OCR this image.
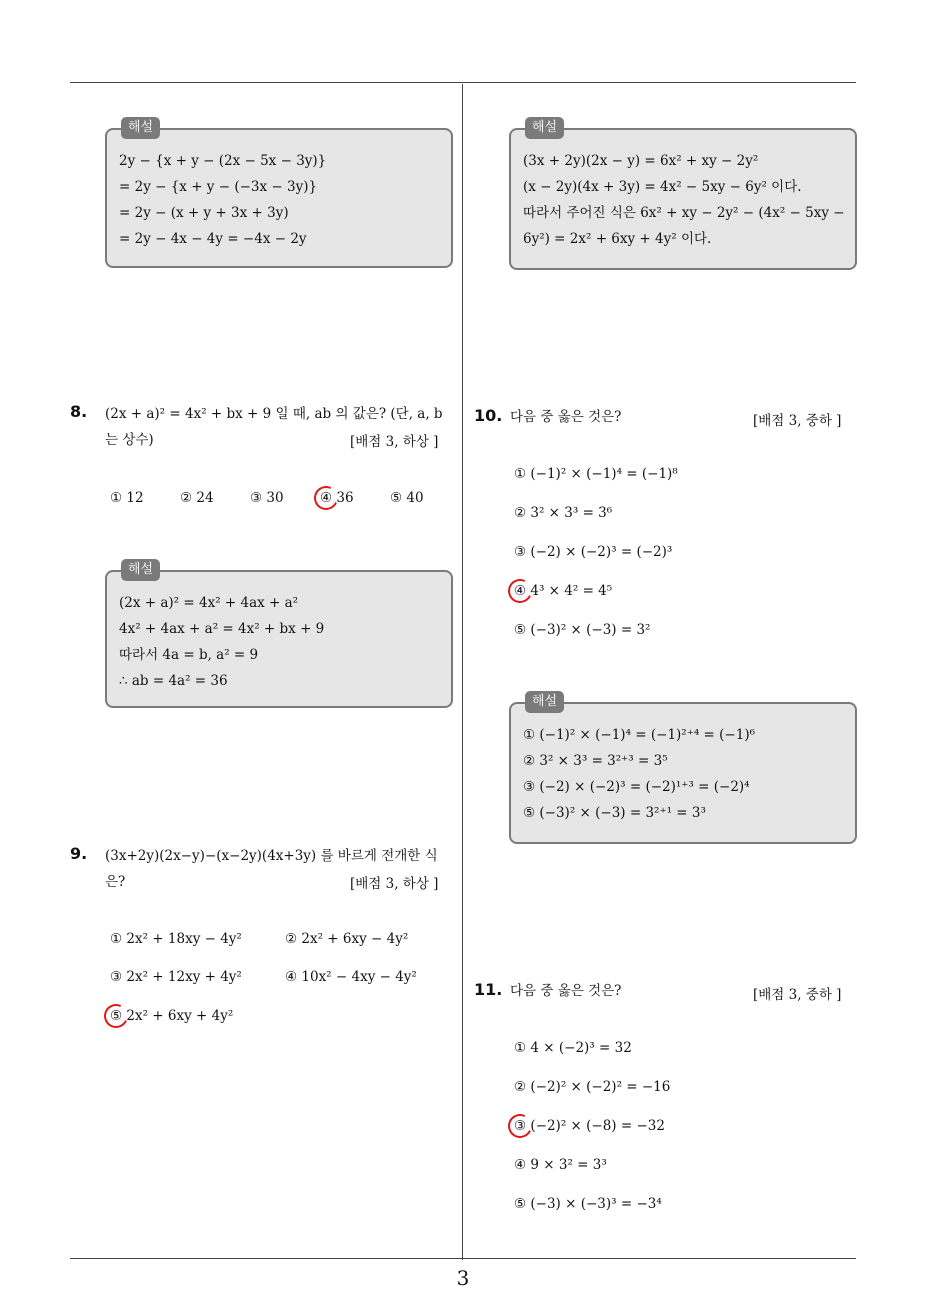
3
해설
2y − {x + y − (2x − 5x − 3y)}
= 2y − {x + y − (−3x − 3y)}
= 2y − (x + y + 3x + 3y)
= 2y − 4x − 4y = −4x − 2y
해설
(3x + 2y)(2x − y) = 6x² + xy − 2y²
(x − 2y)(4x + 3y) = 4x² − 5xy − 6y² 이다.
따라서 주어진 식은 6x² + xy − 2y² − (4x² − 5xy − 6y²) = 2x² + 6xy + 4y² 이다.
8. (2x + a)² = 4x² + bx + 9 일 때, ab 의 값은? (단, a, b 는 상수)	[배점 3, 하상 ]
① 12	② 24	③ 30	④ 36	⑤ 40
해설
(2x + a)² = 4x² + 4ax + a²
4x² + 4ax + a² = 4x² + bx + 9
따라서 4a = b, a² = 9
∴ ab = 4a² = 36
9. (3x+2y)(2x−y)−(x−2y)(4x+3y) 를 바르게 전개한 식은?	[배점 3, 하상 ]
① 2x² + 18xy − 4y²	② 2x² + 6xy − 4y²
③ 2x² + 12xy + 4y²	④ 10x² − 4xy − 4y²
⑤ 2x² + 6xy + 4y²
10. 다음 중 옳은 것은?	[배점 3, 중하 ]
① (−1)² × (−1)⁴ = (−1)⁸
② 3² × 3³ = 3⁶
③ (−2) × (−2)³ = (−2)³
④ 4³ × 4² = 4⁵
⑤ (−3)² × (−3) = 3²
해설
① (−1)² × (−1)⁴ = (−1)²⁺⁴ = (−1)⁶
② 3² × 3³ = 3²⁺³ = 3⁵
③ (−2) × (−2)³ = (−2)¹⁺³ = (−2)⁴
⑤ (−3)² × (−3) = 3²⁺¹ = 3³
11. 다음 중 옳은 것은?	[배점 3, 중하 ]
① 4 × (−2)³ = 32
② (−2)² × (−2)² = −16
③ (−2)² × (−8) = −32
④ 9 × 3² = 3³
⑤ (−3) × (−3)³ = −3⁴
